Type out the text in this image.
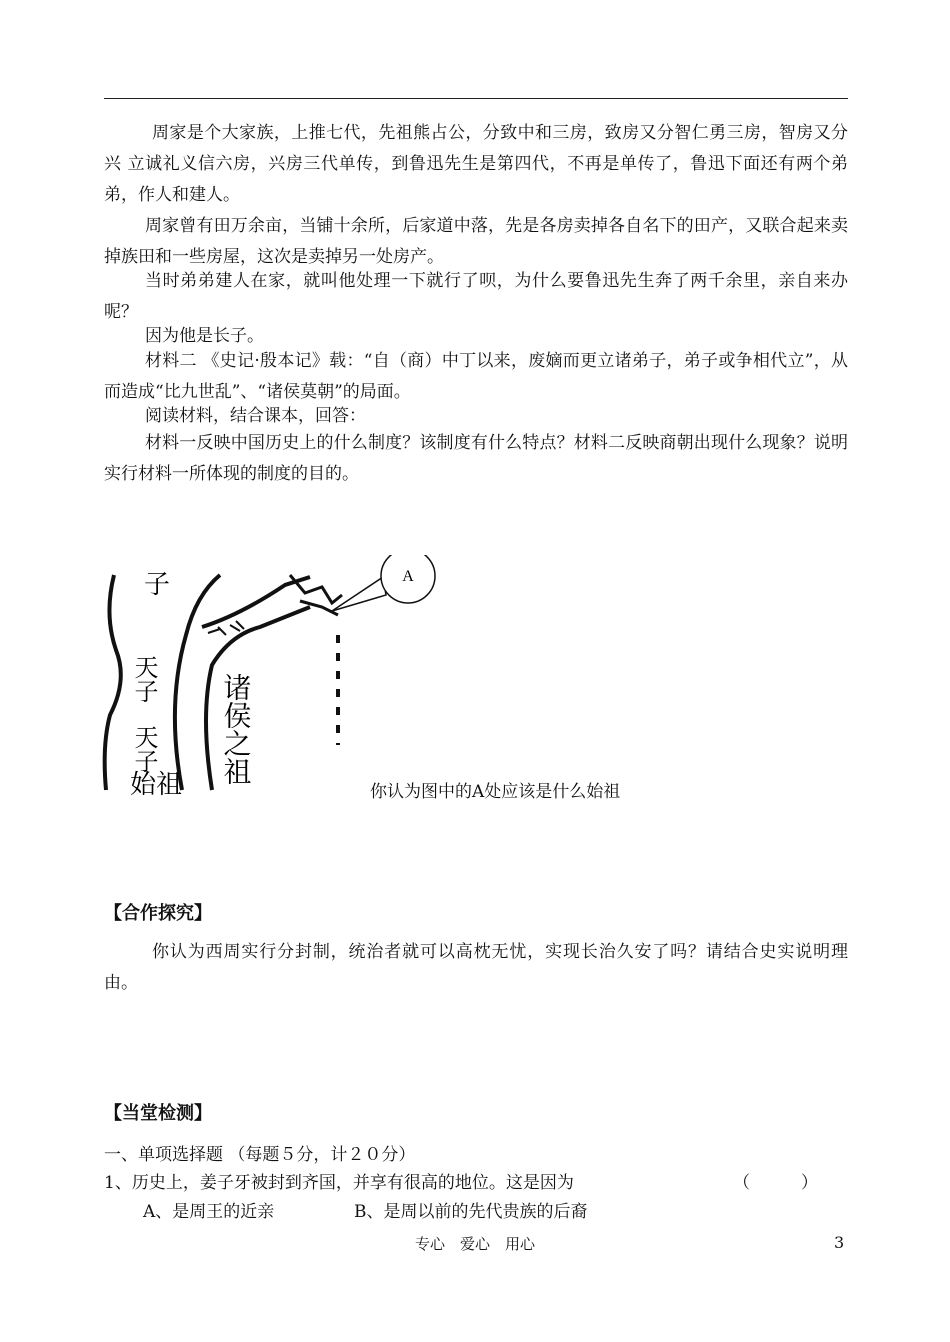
周家是个大家族，上推七代，先祖熊占公，分致中和三房，致房又分智仁勇三房，智房又分兴 立诚礼义信六房，兴房三代单传，到鲁迅先生是第四代，不再是单传了，鲁迅下面还有两个弟弟，作人和建人。

周家曾有田万余亩，当铺十余所，后家道中落，先是各房卖掉各自名下的田产，又联合起来卖掉族田和一些房屋，这次是卖掉另一处房产。

当时弟弟建人在家，就叫他处理一下就行了呗，为什么要鲁迅先生奔了两千余里，亲自来办呢？

因为他是长子。

材料二 《史记·殷本记》载：“自（商）中丁以来，废嫡而更立诸弟子，弟子或争相代立”，从而造成“比九世乱”、“诸侯莫朝”的局面。

阅读材料，结合课本，回答：

材料一反映中国历史上的什么制度？该制度有什么特点？材料二反映商朝出现什么现象？说明实行材料一所体现的制度的目的。

A
子
天子
天子
始祖 诸侯之祖

你认为图中的A处应该是什么始祖

【合作探究】

你认为西周实行分封制，统治者就可以高枕无忧，实现长治久安了吗？请结合史实说明理由。

【当堂检测】

一、单项选择题 （每题５分，计２０分）

1、历史上，姜子牙被封到齐国，并享有很高的地位。这是因为	（　　　）

A、是周王的近亲	B、是周以前的先代贵族的后裔

专心　爱心　用心	3
